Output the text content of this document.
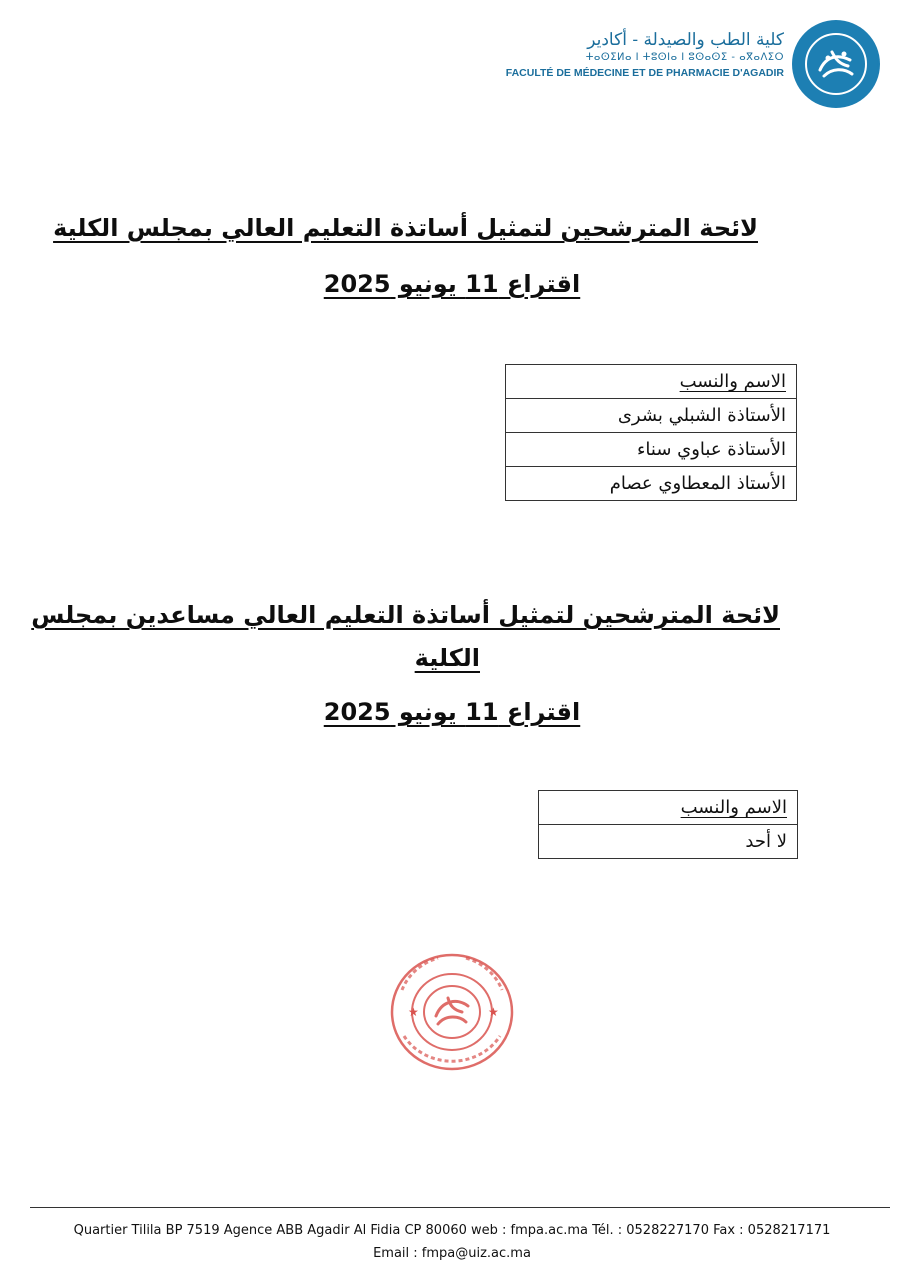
كلية الطب والصيدلة - أكادير
ⵜⴰⵙⵉⵍⴰ ⵏ ⵜⵓⵙⵏⴰ ⵏ ⵓⵙⴰⵙⵉ - ⴰⴳⴰⴷⵉⵔ
FACULTÉ DE MÉDECINE ET DE PHARMACIE D'AGADIR
لائحة المترشحين لتمثيل أساتذة التعليم العالي بمجلس الكلية
اقتراع 11 يونيو 2025
الاسم والنسب
الأستاذة الشبلي بشرى
الأستاذة عباوي سناء
الأستاذ المعطاوي عصام
لائحة المترشحين لتمثيل أساتذة التعليم العالي مساعدين بمجلس
الكلية
اقتراع 11 يونيو 2025
الاسم والنسب
لا أحد
★	★
Quartier Tilila BP 7519 Agence ABB Agadir Al Fidia CP 80060 web : fmpa.ac.ma Tél. : 0528227170 Fax : 0528217171
Email : fmpa@uiz.ac.ma
